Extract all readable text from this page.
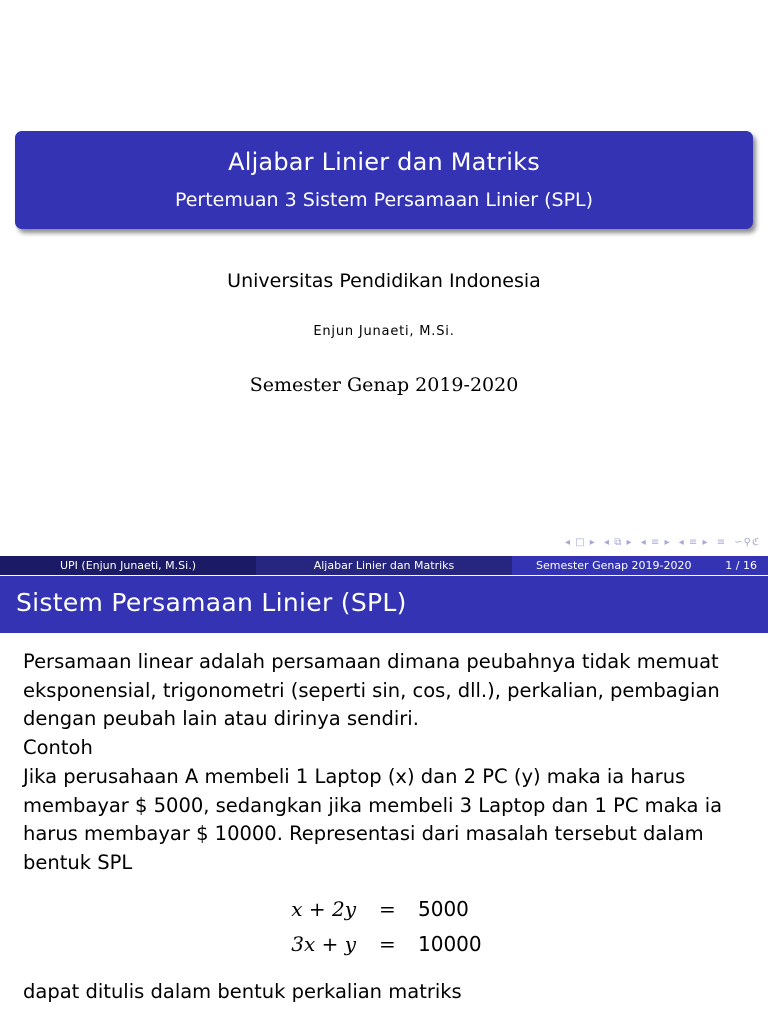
Aljabar Linier dan Matriks
Pertemuan 3 Sistem Persamaan Linier (SPL)
Universitas Pendidikan Indonesia
Enjun Junaeti, M.Si.
Semester Genap 2019-2020
◂ □ ▸ ◂ ⧉ ▸ ◂ ≡ ▸ ◂ ≡ ▸ ≡ ∽⚲ℭ
UPI (Enjun Junaeti, M.Si.)	Aljabar Linier dan Matriks	Semester Genap 2019-2020	1 / 16
Sistem Persamaan Linier (SPL)

Persamaan linear adalah persamaan dimana peubahnya tidak memuat eksponensial, trigonometri (seperti sin, cos, dll.), perkalian, pembagian dengan peubah lain atau dirinya sendiri.

Contoh

Jika perusahaan A membeli 1 Laptop (x) dan 2 PC (y) maka ia harus membayar $ 5000, sedangkan jika membeli 3 Laptop dan 1 PC maka ia harus membayar $ 10000. Representasi dari masalah tersebut dalam bentuk SPL

x + 2y = 5000
3x + y = 10000
dapat ditulis dalam bentuk perkalian matriks
